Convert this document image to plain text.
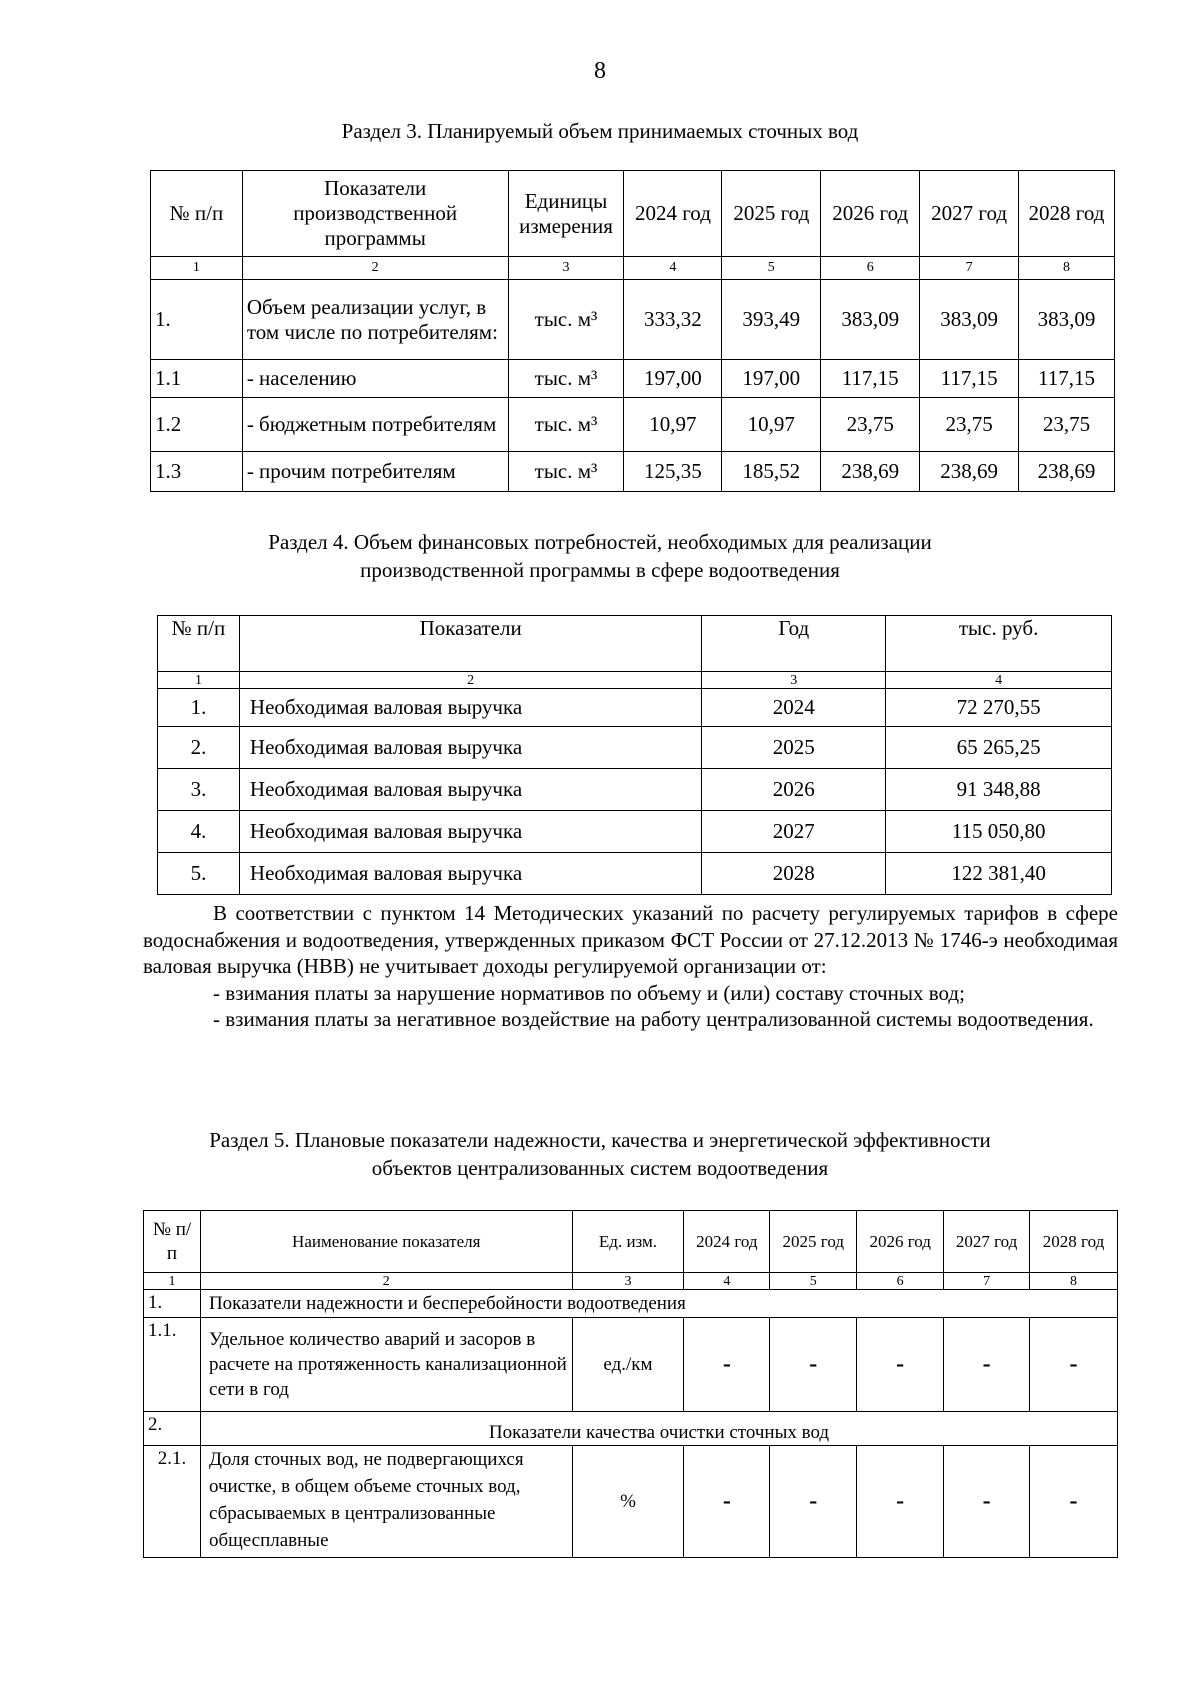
8
Раздел 3. Планируемый объем принимаемых сточных вод
№ п/п	Показатели производственной программы	Единицы измерения	2024 год	2025 год	2026 год	2027 год	2028 год
1	2	3	4	5	6	7	8
1.	Объем реализации услуг, в том числе по потребителям:	тыс. м³	333,32	393,49	383,09	383,09	383,09
1.1	- населению	тыс. м³	197,00	197,00	117,15	117,15	117,15
1.2	- бюджетным потребителям	тыс. м³	10,97	10,97	23,75	23,75	23,75
1.3	- прочим потребителям	тыс. м³	125,35	185,52	238,69	238,69	238,69
Раздел 4. Объем финансовых потребностей, необходимых для реализации
производственной программы в сфере водоотведения
№ п/п	Показатели	Год	тыс. руб.
1	2	3	4
1.	Необходимая валовая выручка	2024	72 270,55
2.	Необходимая валовая выручка	2025	65 265,25
3.	Необходимая валовая выручка	2026	91 348,88
4.	Необходимая валовая выручка	2027	115 050,80
5.	Необходимая валовая выручка	2028	122 381,40

В соответствии с пунктом 14 Методических указаний по расчету регулируемых тарифов в сфере водоснабжения и водоотведения, утвержденных приказом ФСТ России от 27.12.2013 № 1746-э необходимая валовая выручка (НВВ) не учитывает доходы регулируемой организации от:

- взимания платы за нарушение нормативов по объему и (или) составу сточных вод;

- взимания платы за негативное воздействие на работу централизованной системы водоотведения.

Раздел 5. Плановые показатели надежности, качества и энергетической эффективности
объектов централизованных систем водоотведения
№ п/п	Наименование показателя	Ед. изм.	2024 год	2025 год	2026 год	2027 год	2028 год
1	2	3	4	5	6	7	8
1.	Показатели надежности и бесперебойности водоотведения						
1.1.	Удельное количество аварий и засоров в расчете на протяженность канализационной сети в год	ед./км	-	-	-	-	-
2.	Показатели качества очистки сточных вод						
2.1.	Доля сточных вод, не подвергающихся очистке, в общем объеме сточных вод, сбрасываемых в централизованные общесплавные	%	-	-	-	-	-
